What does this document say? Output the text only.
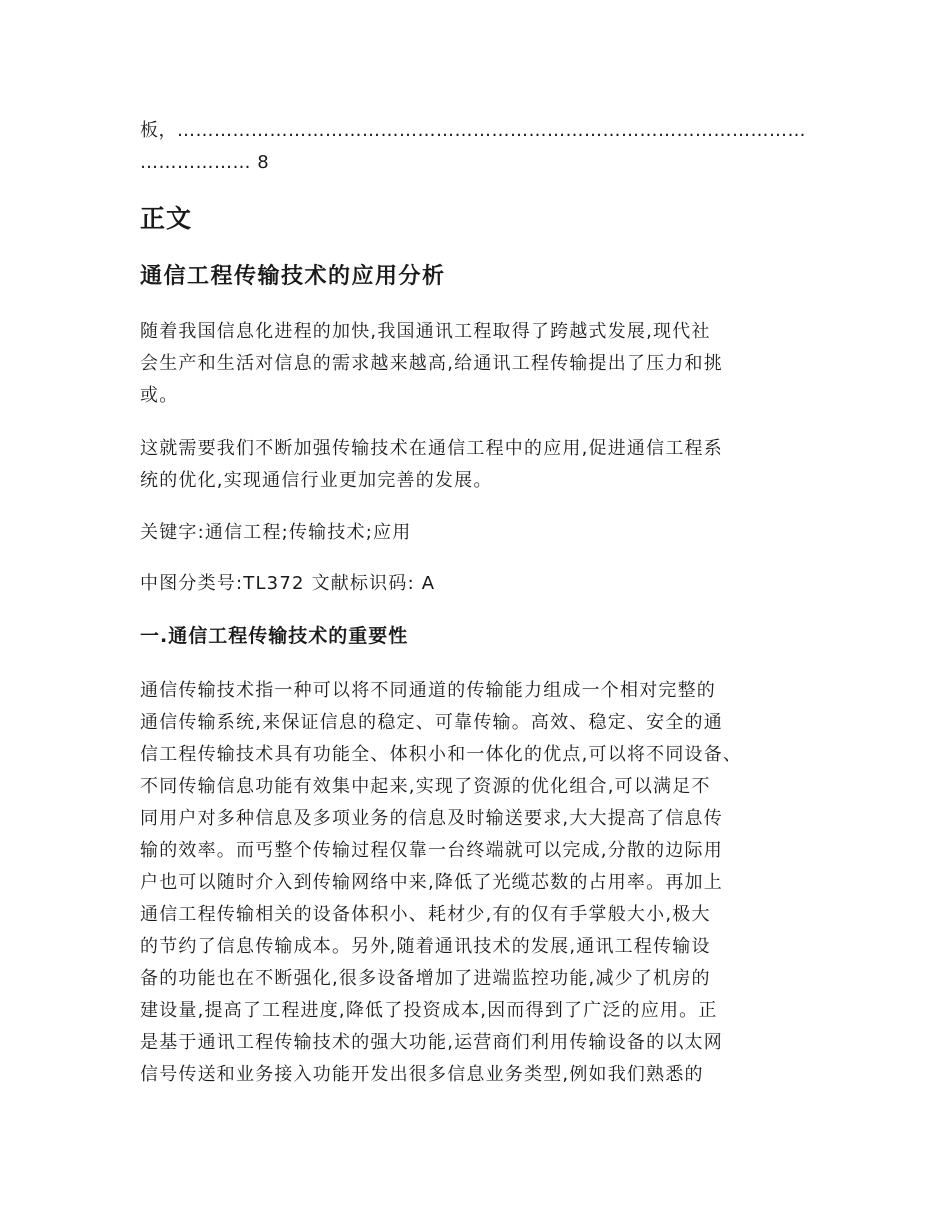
板，…………………………………………………………………………………………
……………… 8
正文
通信工程传输技术的应用分析
随着我国信息化进程的加快,我国通讯工程取得了跨越式发展,现代社
会生产和生活对信息的需求越来越高,给通讯工程传输提出了压力和挑
或。
这就需要我们不断加强传输技术在通信工程中的应用,促进通信工程系
统的优化,实现通信行业更加完善的发展。
关键字:通信工程;传输技术;应用
中图分类号:TL372 文献标识码: A
一.通信工程传输技术的重要性
通信传输技术指一种可以将不同通道的传输能力组成一个相对完整的
通信传输系统,来保证信息的稳定、可靠传输。高效、稳定、安全的通
信工程传输技术具有功能全、体积小和一体化的优点,可以将不同设备、
不同传输信息功能有效集中起来,实现了资源的优化组合,可以满足不
同用户对多种信息及多项业务的信息及时输送要求,大大提高了信息传
输的效率。而丐整个传输过程仅靠一台终端就可以完成,分散的边际用
户也可以随时介入到传输网络中来,降低了光缆芯数的占用率。再加上
通信工程传输相关的设备体积小、耗材少,有的仅有手掌般大小,极大
的节约了信息传输成本。另外,随着通讯技术的发展,通讯工程传输设
备的功能也在不断强化,很多设备增加了进端监控功能,减少了机房的
建设量,提高了工程进度,降低了投资成本,因而得到了广泛的应用。正
是基于通讯工程传输技术的强大功能,运营商们利用传输设备的以太网
信号传送和业务接入功能开发出很多信息业务类型,例如我们熟悉的
